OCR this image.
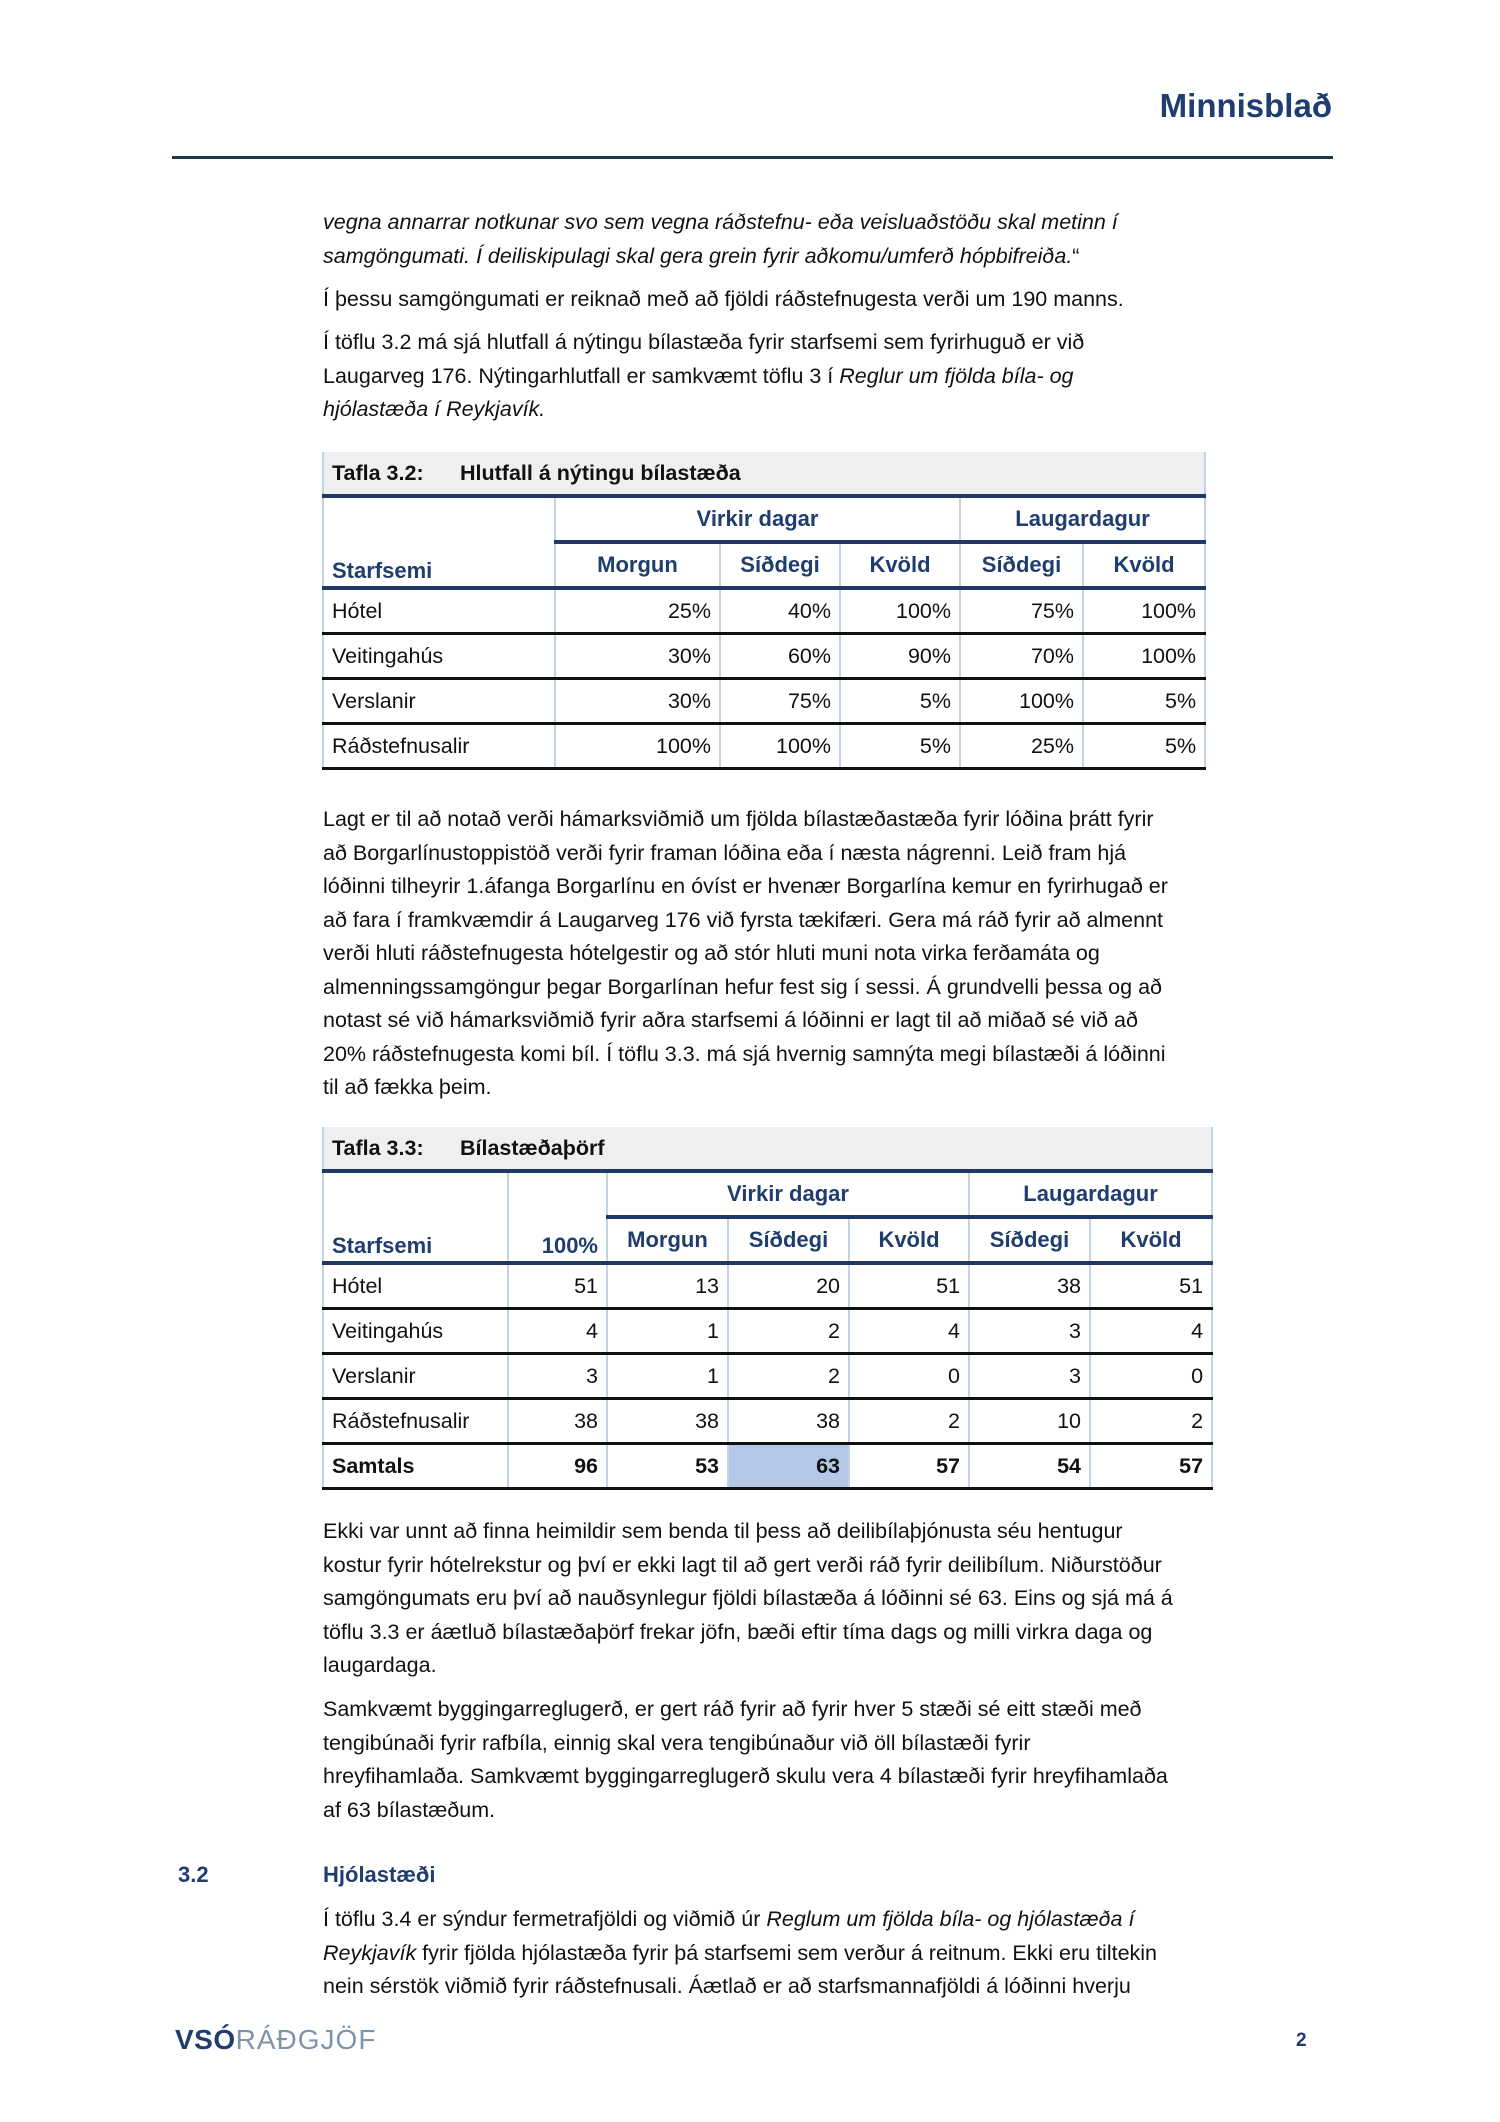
Minnisblað

vegna annarrar notkunar svo sem vegna ráðstefnu- eða veisluaðstöðu skal metinn í
samgöngumati. Í deiliskipulagi skal gera grein fyrir aðkomu/umferð hópbifreiða.“

Í þessu samgöngumati er reiknað með að fjöldi ráðstefnugesta verði um 190 manns.

Í töflu 3.2 má sjá hlutfall á nýtingu bílastæða fyrir starfsemi sem fyrirhuguð er við
Laugarveg 176. Nýtingarhlutfall er samkvæmt töflu 3 í Reglur um fjölda bíla- og
hjólastæða í Reykjavík.

Tafla 3.2: Hlutfall á nýtingu bílastæða					
Starfsemi	Virkir dagar			Laugardagur	
	Morgun	Síðdegi	Kvöld	Síðdegi	Kvöld
Hótel	25%	40%	100%	75%	100%
Veitingahús	30%	60%	90%	70%	100%
Verslanir	30%	75%	5%	100%	5%
Ráðstefnusalir	100%	100%	5%	25%	5%
Lagt er til að notað verði hámarksviðmið um fjölda bílastæðastæða fyrir lóðina þrátt fyrir
að Borgarlínustoppistöð verði fyrir framan lóðina eða í næsta nágrenni. Leið fram hjá
lóðinni tilheyrir 1.áfanga Borgarlínu en óvíst er hvenær Borgarlína kemur en fyrirhugað er
að fara í framkvæmdir á Laugarveg 176 við fyrsta tækifæri. Gera má ráð fyrir að almennt
verði hluti ráðstefnugesta hótelgestir og að stór hluti muni nota virka ferðamáta og
almenningssamgöngur þegar Borgarlínan hefur fest sig í sessi. Á grundvelli þessa og að
notast sé við hámarksviðmið fyrir aðra starfsemi á lóðinni er lagt til að miðað sé við að
20% ráðstefnugesta komi bíl. Í töflu 3.3. má sjá hvernig samnýta megi bílastæði á lóðinni
til að fækka þeim.
Tafla 3.3: Bílastæðaþörf						
Starfsemi	100%	Virkir dagar			Laugardagur	
		Morgun	Síðdegi	Kvöld	Síðdegi	Kvöld
Hótel	51	13	20	51	38	51
Veitingahús	4	1	2	4	3	4
Verslanir	3	1	2	0	3	0
Ráðstefnusalir	38	38	38	2	10	2
Samtals	96	53	63	57	54	57
Ekki var unnt að finna heimildir sem benda til þess að deilibílaþjónusta séu hentugur
kostur fyrir hótelrekstur og því er ekki lagt til að gert verði ráð fyrir deilibílum. Niðurstöður
samgöngumats eru því að nauðsynlegur fjöldi bílastæða á lóðinni sé 63. Eins og sjá má á
töflu 3.3 er áætluð bílastæðaþörf frekar jöfn, bæði eftir tíma dags og milli virkra daga og
laugardaga.
Samkvæmt byggingarreglugerð, er gert ráð fyrir að fyrir hver 5 stæði sé eitt stæði með
tengibúnaði fyrir rafbíla, einnig skal vera tengibúnaður við öll bílastæði fyrir
hreyfihamlaða. Samkvæmt byggingarreglugerð skulu vera 4 bílastæði fyrir hreyfihamlaða
af 63 bílastæðum.
3.2	Hjólastæði

Í töflu 3.4 er sýndur fermetrafjöldi og viðmið úr Reglum um fjölda bíla- og hjólastæða í
Reykjavík fyrir fjölda hjólastæða fyrir þá starfsemi sem verður á reitnum. Ekki eru tiltekin
nein sérstök viðmið fyrir ráðstefnusali. Áætlað er að starfsmannafjöldi á lóðinni hverju

VSÓRÁÐGJÖF	2
